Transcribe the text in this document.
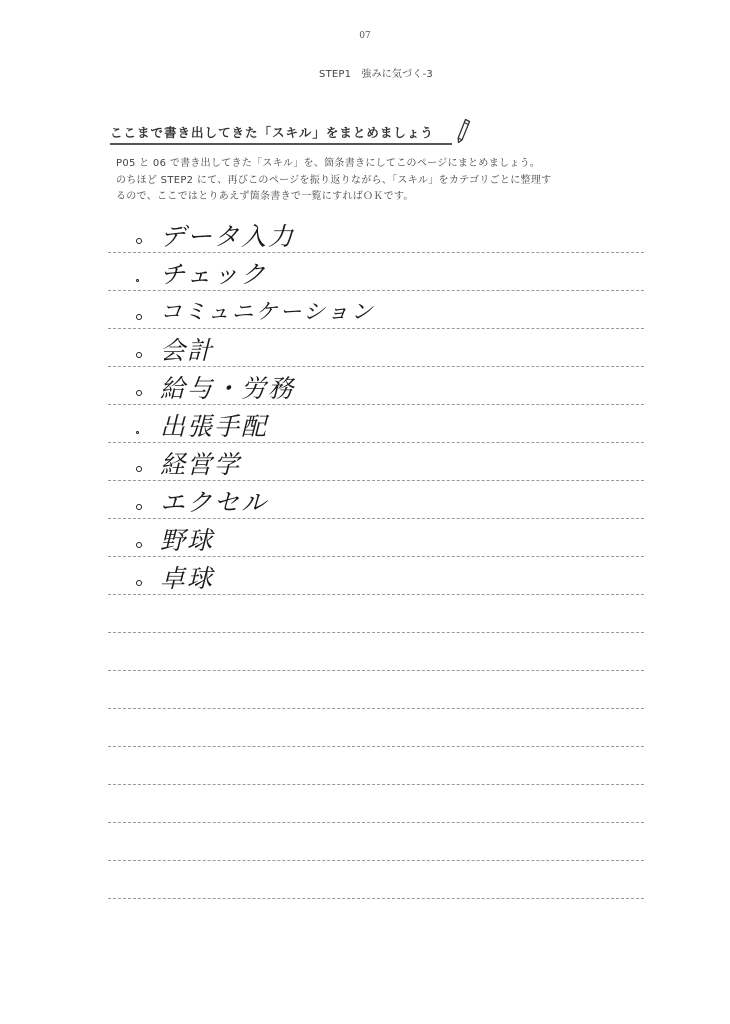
07
STEP1　強みに気づく-3
ここまで書き出してきた「スキル」をまとめましょう

P05 と 06 で書き出してきた「スキル」を、箇条書きにしてこのページにまとめましょう。

のちほど STEP2 にて、再びこのページを振り返りながら、「スキル」をカテゴリごとに整理す

るので、ここではとりあえず箇条書きで一覧にすればＯＫです。

データ入力
チェック
コミュニケーション
会計
給与・労務
出張手配
経営学
エクセル
野球
卓球
